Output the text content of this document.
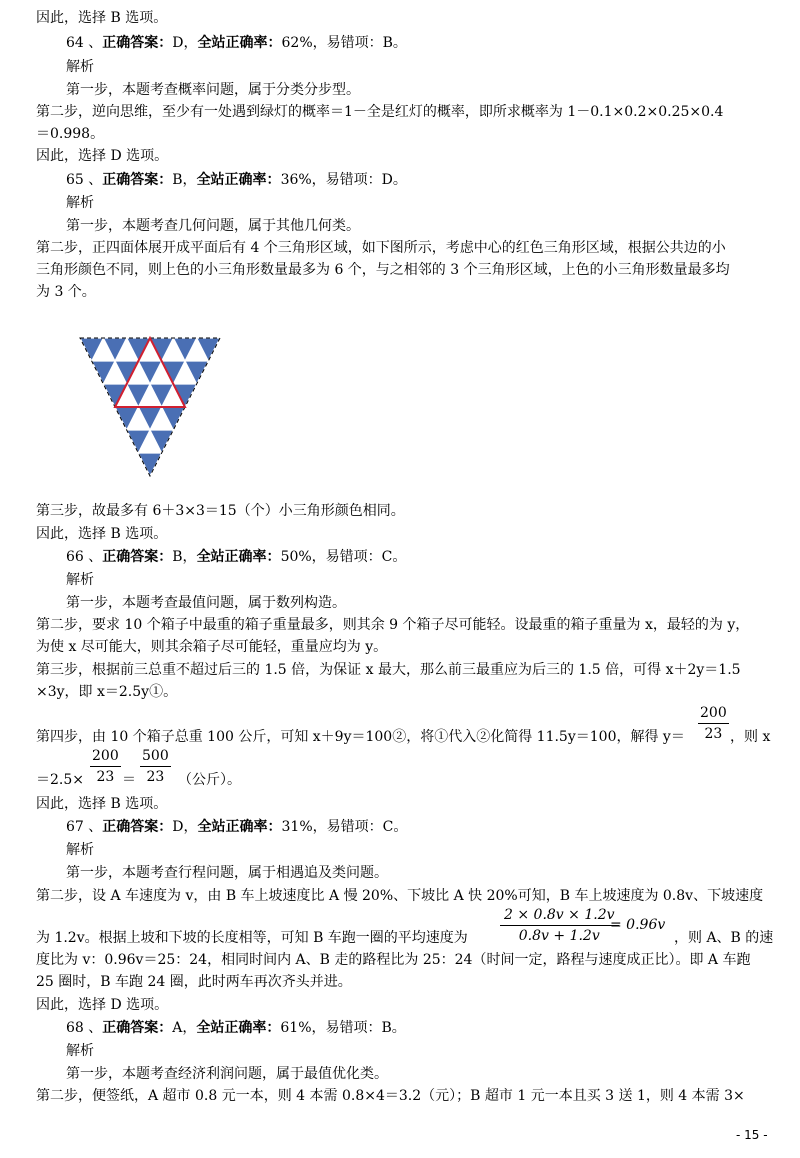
因此，选择 B 选项。
64 、正确答案：D，全站正确率：62%，易错项：B。
解析
第一步，本题考查概率问题，属于分类分步型。
第二步，逆向思维，至少有一处遇到绿灯的概率＝1－全是红灯的概率，即所求概率为 1－0.1×0.2×0.25×0.4
＝0.998。
因此，选择 D 选项。
65 、正确答案：B，全站正确率：36%，易错项：D。
解析
第一步，本题考查几何问题，属于其他几何类。
第二步，正四面体展开成平面后有 4 个三角形区域，如下图所示，考虑中心的红色三角形区域，根据公共边的小
三角形颜色不同，则上色的小三角形数量最多为 6 个，与之相邻的 3 个三角形区域，上色的小三角形数量最多均
为 3 个。
第三步，故最多有 6＋3×3＝15（个）小三角形颜色相同。
因此，选择 B 选项。
66 、正确答案：B，全站正确率：50%，易错项：C。
解析
第一步，本题考查最值问题，属于数列构造。
第二步，要求 10 个箱子中最重的箱子重量最多，则其余 9 个箱子尽可能轻。设最重的箱子重量为 x，最轻的为 y，
为使 x 尽可能大，则其余箱子尽可能轻，重量应均为 y。
第三步，根据前三总重不超过后三的 1.5 倍，为保证 x 最大，那么前三最重应为后三的 1.5 倍，可得 x＋2y＝1.5
×3y，即 x＝2.5y①。
第四步，由 10 个箱子总重 100 公斤，可知 x＋9y＝100②，将①代入②化简得 11.5y＝100，解得 $y= \frac{200}{23}$ ，则 x
$=2.5\times \frac{200}{23} = \frac{500}{23}$ （公斤）。
因此，选择 B 选项。
67 、正确答案：D，全站正确率：31%，易错项：C。
解析
第一步，本题考查行程问题，属于相遇追及类问题。
第二步，设 A 车速度为 v，由 B 车上坡速度比 A 慢 20%、下坡比 A 快 20%可知，B 车上坡速度为 0.8v、下坡速度
为 1.2v。根据上坡和下坡的长度相等，可知 B 车跑一圈的平均速度为 $\frac{2 \times 0.8v \times 1.2v}{0.8v + 1.2v}$
= 0.96v
，则 A、B 的速
度比为 v：0.96v＝25：24，相同时间内 A、B 走的路程比为 25：24（时间一定，路程与速度成正比）。即 A 车跑
25 圈时，B 车跑 24 圈，此时两车再次齐头并进。
因此，选择 D 选项。
68 、正确答案：A，全站正确率：61%，易错项：B。
解析
第一步，本题考查经济利润问题，属于最值优化类。
第二步，便签纸，A 超市 0.8 元一本，则 4 本需 0.8×4＝3.2（元）；B 超市 1 元一本且买 3 送 1，则 4 本需 3×
- 15 -
